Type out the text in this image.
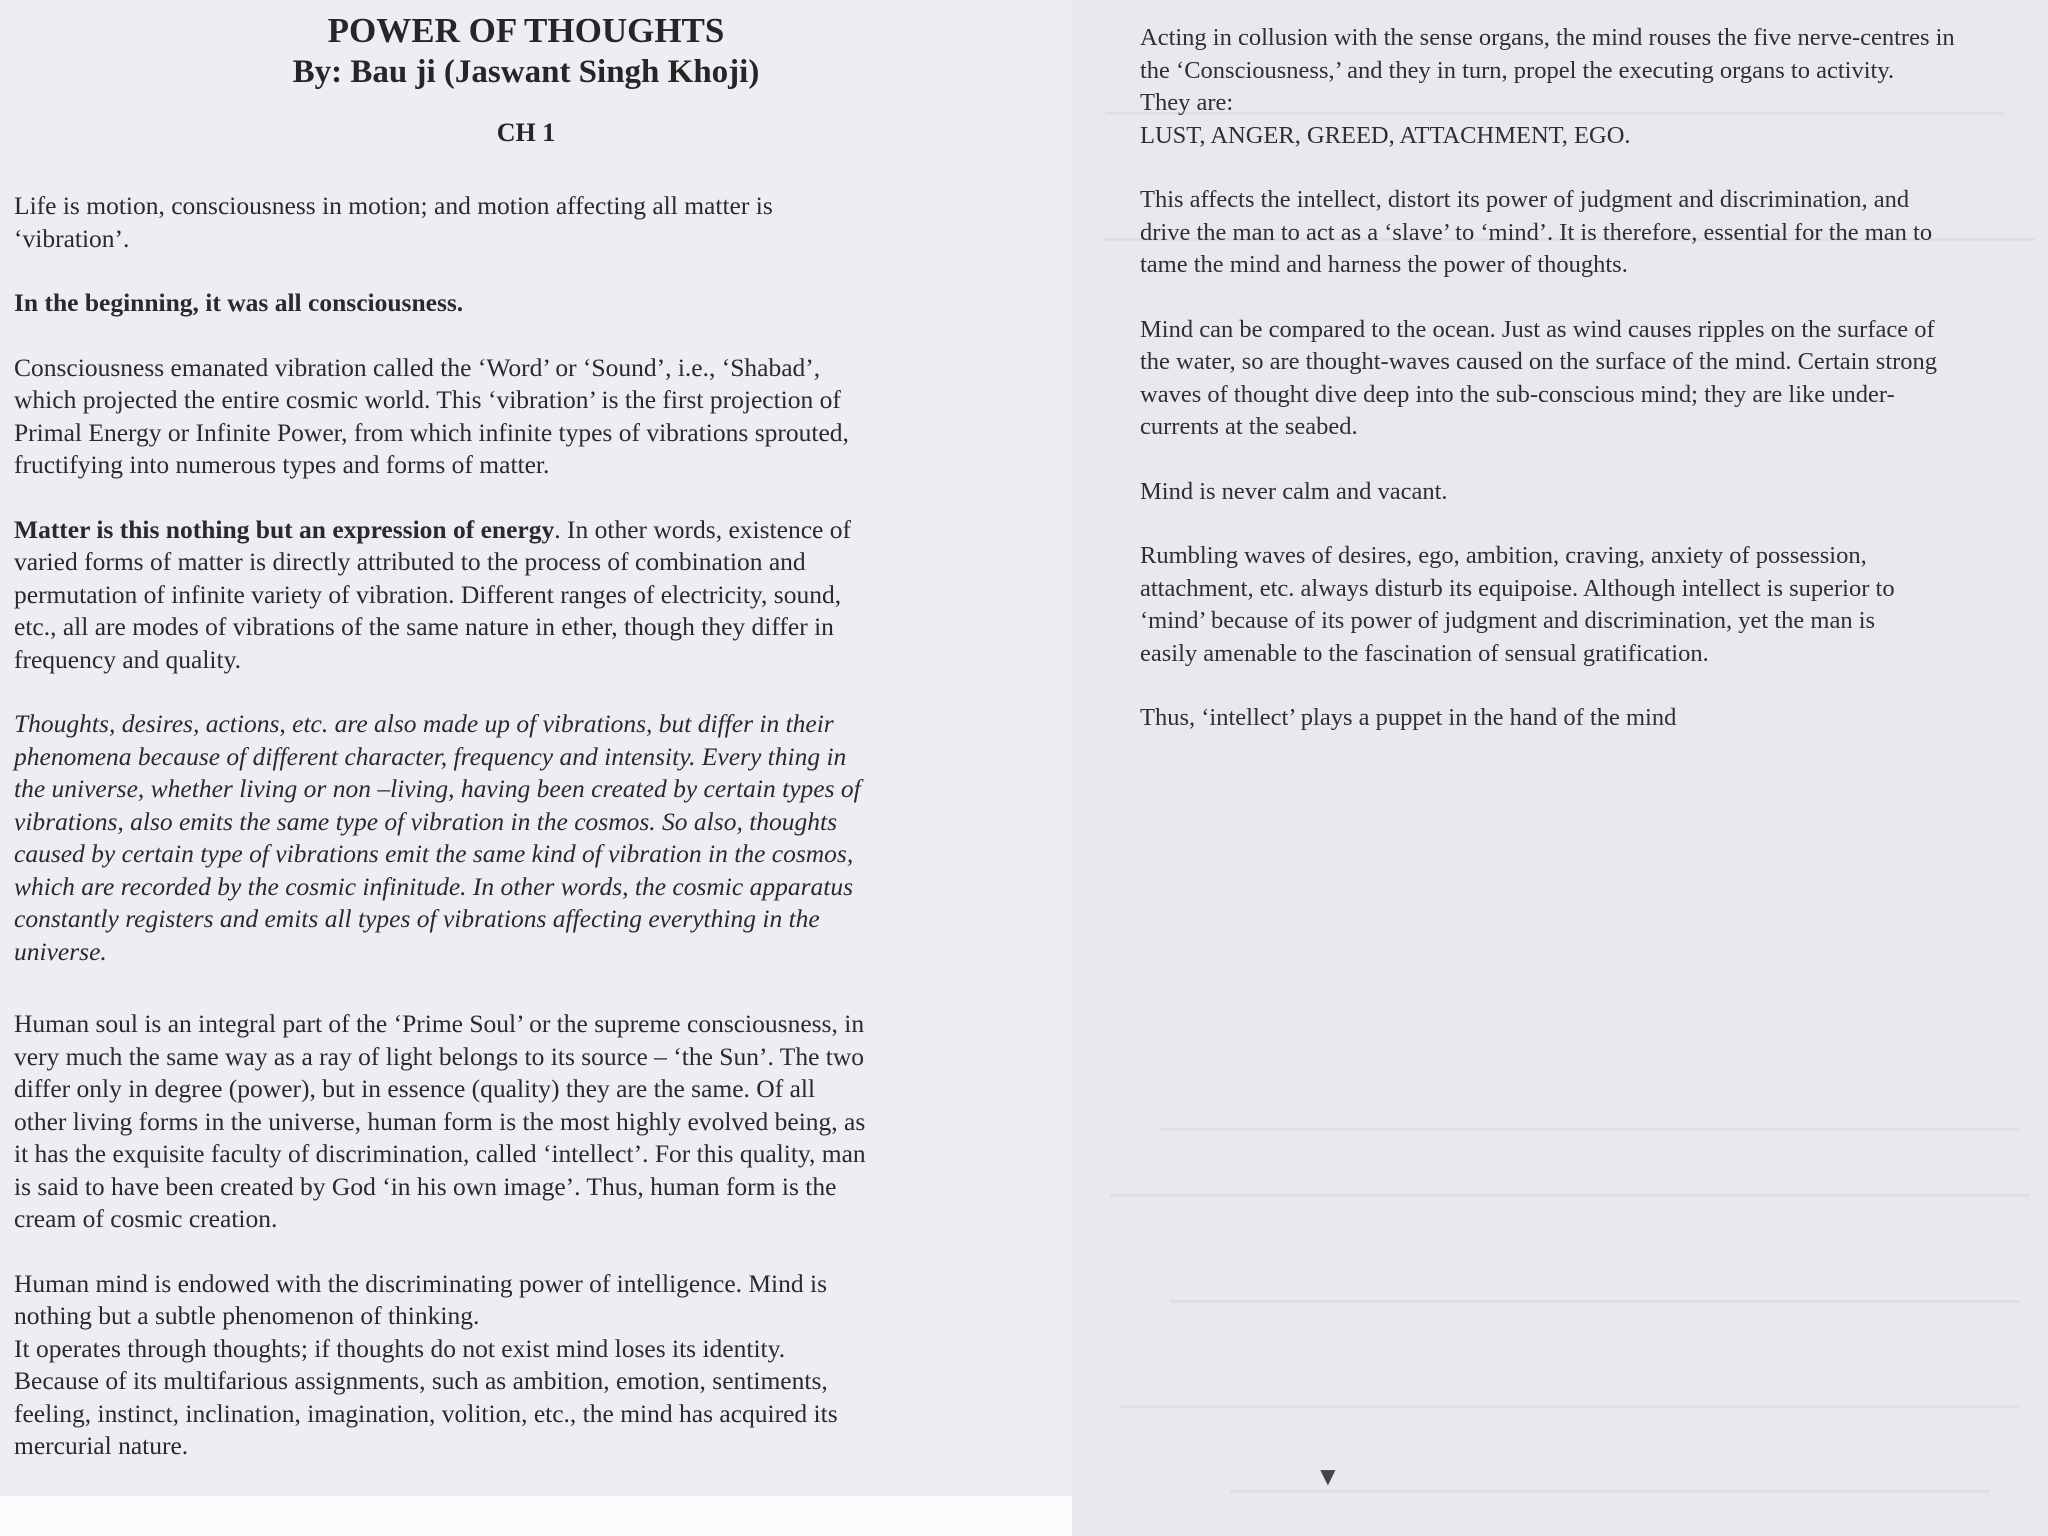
POWER OF THOUGHTS
By: Bau ji (Jaswant Singh Khoji)
CH 1

Life is motion, consciousness in motion; and motion affecting all matter is

‘vibration’.

In the beginning, it was all consciousness.

Consciousness emanated vibration called the ‘Word’ or ‘Sound’, i.e., ‘Shabad’,

which projected the entire cosmic world. This ‘vibration’ is the first projection of

Primal Energy or Infinite Power, from which infinite types of vibrations sprouted,

fructifying into numerous types and forms of matter.

Matter is this nothing but an expression of energy. In other words, existence of

varied forms of matter is directly attributed to the process of combination and

permutation of infinite variety of vibration. Different ranges of electricity, sound,

etc., all are modes of vibrations of the same nature in ether, though they differ in

frequency and quality.

Thoughts, desires, actions, etc. are also made up of vibrations, but differ in their

phenomena because of different character, frequency and intensity. Every thing in

the universe, whether living or non –living, having been created by certain types of

vibrations, also emits the same type of vibration in the cosmos. So also, thoughts

caused by certain type of vibrations emit the same kind of vibration in the cosmos,

which are recorded by the cosmic infinitude. In other words, the cosmic apparatus

constantly registers and emits all types of vibrations affecting everything in the

universe.

Human soul is an integral part of the ‘Prime Soul’ or the supreme consciousness, in

very much the same way as a ray of light belongs to its source – ‘the Sun’. The two

differ only in degree (power), but in essence (quality) they are the same. Of all

other living forms in the universe, human form is the most highly evolved being, as

it has the exquisite faculty of discrimination, called ‘intellect’. For this quality, man

is said to have been created by God ‘in his own image’. Thus, human form is the

cream of cosmic creation.

Human mind is endowed with the discriminating power of intelligence. Mind is

nothing but a subtle phenomenon of thinking.

It operates through thoughts; if thoughts do not exist mind loses its identity.

Because of its multifarious assignments, such as ambition, emotion, sentiments,

feeling, instinct, inclination, imagination, volition, etc., the mind has acquired its

mercurial nature.

Acting in collusion with the sense organs, the mind rouses the five nerve-centres in

the ‘Consciousness,’ and they in turn, propel the executing organs to activity.

They are:

LUST, ANGER, GREED, ATTACHMENT, EGO.

This affects the intellect, distort its power of judgment and discrimination, and

drive the man to act as a ‘slave’ to ‘mind’. It is therefore, essential for the man to

tame the mind and harness the power of thoughts.

Mind can be compared to the ocean. Just as wind causes ripples on the surface of

the water, so are thought-waves caused on the surface of the mind. Certain strong

waves of thought dive deep into the sub-conscious mind; they are like under-

currents at the seabed.

Mind is never calm and vacant.

Rumbling waves of desires, ego, ambition, craving, anxiety of possession,

attachment, etc. always disturb its equipoise. Although intellect is superior to

‘mind’ because of its power of judgment and discrimination, yet the man is

easily amenable to the fascination of sensual gratification.

Thus, ‘intellect’ plays a puppet in the hand of the mind

▼
